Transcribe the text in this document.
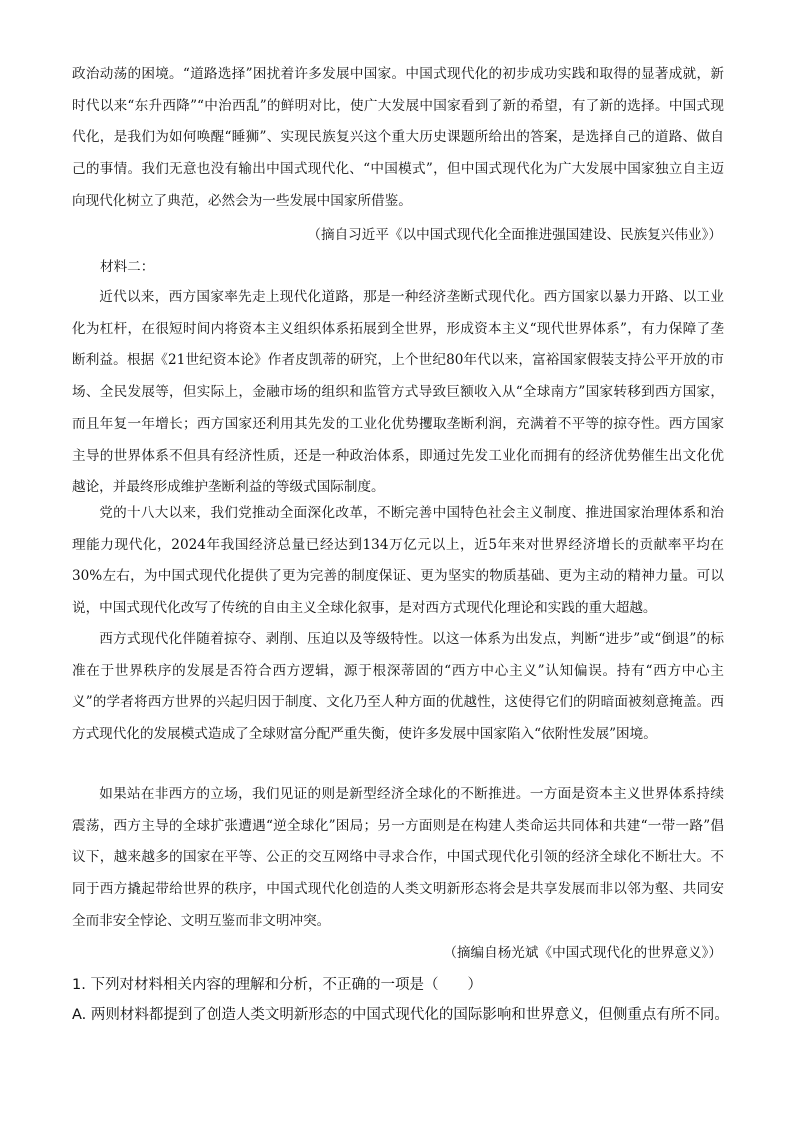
政治动荡的困境。“道路选择”困扰着许多发展中国家。中国式现代化的初步成功实践和取得的显著成就，新时代以来“东升西降”“中治西乱”的鲜明对比，使广大发展中国家看到了新的希望，有了新的选择。中国式现代化，是我们为如何唤醒“睡狮”、实现民族复兴这个重大历史课题所给出的答案，是选择自己的道路、做自己的事情。我们无意也没有输出中国式现代化、“中国模式”，但中国式现代化为广大发展中国家独立自主迈向现代化树立了典范，必然会为一些发展中国家所借鉴。

（摘自习近平《以中国式现代化全面推进强国建设、民族复兴伟业》）

材料二：

近代以来，西方国家率先走上现代化道路，那是一种经济垄断式现代化。西方国家以暴力开路、以工业化为杠杆，在很短时间内将资本主义组织体系拓展到全世界，形成资本主义“现代世界体系”，有力保障了垄断利益。根据《21世纪资本论》作者皮凯蒂的研究，上个世纪80年代以来，富裕国家假装支持公平开放的市场、全民发展等，但实际上，金融市场的组织和监管方式导致巨额收入从“全球南方”国家转移到西方国家，而且年复一年增长；西方国家还利用其先发的工业化优势攫取垄断利润，充满着不平等的掠夺性。西方国家主导的世界体系不但具有经济性质，还是一种政治体系，即通过先发工业化而拥有的经济优势催生出文化优越论，并最终形成维护垄断利益的等级式国际制度。

党的十八大以来，我们党推动全面深化改革，不断完善中国特色社会主义制度、推进国家治理体系和治理能力现代化，2024年我国经济总量已经达到134万亿元以上，近5年来对世界经济增长的贡献率平均在30%左右，为中国式现代化提供了更为完善的制度保证、更为坚实的物质基础、更为主动的精神力量。可以说，中国式现代化改写了传统的自由主义全球化叙事，是对西方式现代化理论和实践的重大超越。

西方式现代化伴随着掠夺、剥削、压迫以及等级特性。以这一体系为出发点，判断“进步”或“倒退”的标准在于世界秩序的发展是否符合西方逻辑，源于根深蒂固的“西方中心主义”认知偏误。持有“西方中心主义”的学者将西方世界的兴起归因于制度、文化乃至人种方面的优越性，这使得它们的阴暗面被刻意掩盖。西方式现代化的发展模式造成了全球财富分配严重失衡，使许多发展中国家陷入“依附性发展”困境。

如果站在非西方的立场，我们见证的则是新型经济全球化的不断推进。一方面是资本主义世界体系持续震荡，西方主导的全球扩张遭遇“逆全球化”困局；另一方面则是在构建人类命运共同体和共建“一带一路”倡议下，越来越多的国家在平等、公正的交互网络中寻求合作，中国式现代化引领的经济全球化不断壮大。不同于西方撬起带给世界的秩序，中国式现代化创造的人类文明新形态将会是共享发展而非以邻为壑、共同安全而非安全悖论、文明互鉴而非文明冲突。

（摘编自杨光斌《中国式现代化的世界意义》）

1. 下列对材料相关内容的理解和分析，不正确的一项是（　　）

A. 两则材料都提到了创造人类文明新形态的中国式现代化的国际影响和世界意义，但侧重点有所不同。
